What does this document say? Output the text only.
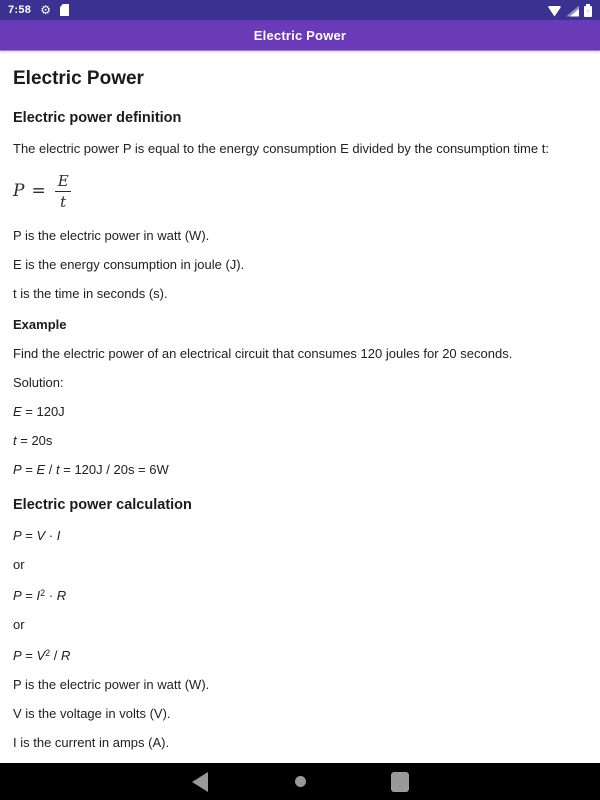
7:58 ⚙
Electric Power
Electric Power
Electric power definition
The electric power P is equal to the energy consumption E divided by the consumption time t:
$P = \frac{E}{t}$
P is the electric power in watt (W).
E is the energy consumption in joule (J).
t is the time in seconds (s).
Example
Find the electric power of an electrical circuit that consumes 120 joules for 20 seconds.
Solution:
E = 120J
t = 20s
P = E / t = 120J / 20s = 6W
Electric power calculation
P = V · I
or
$P = I^2 \cdot R$
or
$P = V^2 / R$
P is the electric power in watt (W).
V is the voltage in volts (V).
I is the current in amps (A).
